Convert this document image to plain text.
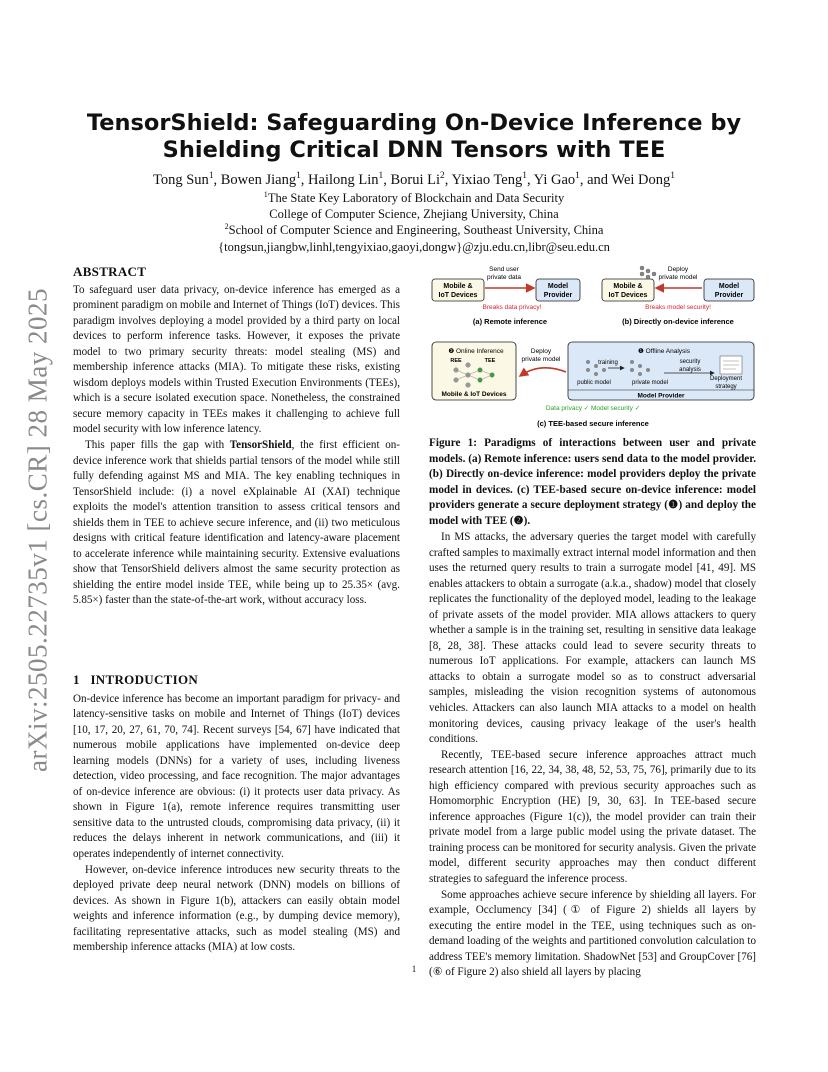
arXiv:2505.22735v1 [cs.CR] 28 May 2025
TensorShield: Safeguarding On-Device Inference by Shielding Critical DNN Tensors with TEE
Tong Sun$^1$, Bowen Jiang$^1$, Hailong Lin$^1$, Borui Li$^2$, Yixiao Teng$^1$, Yi Gao$^1$, and Wei Dong$^1$
$^1$The State Key Laboratory of Blockchain and Data Security
College of Computer Science, Zhejiang University, China
$^2$School of Computer Science and Engineering, Southeast University, China
{tongsun,jiangbw,linhl,tengyixiao,gaoyi,dongw}@zju.edu.cn,libr@seu.edu.cn
ABSTRACT

To safeguard user data privacy, on-device inference has emerged as a prominent paradigm on mobile and Internet of Things (IoT) devices. This paradigm involves deploying a model provided by a third party on local devices to perform inference tasks. However, it exposes the private model to two primary security threats: model stealing (MS) and membership inference attacks (MIA). To mitigate these risks, existing wisdom deploys models within Trusted Execution Environments (TEEs), which is a secure isolated execution space. Nonetheless, the constrained secure memory capacity in TEEs makes it challenging to achieve full model security with low inference latency.

This paper fills the gap with TensorShield, the first efficient on-device inference work that shields partial tensors of the model while still fully defending against MS and MIA. The key enabling techniques in TensorShield include: (i) a novel eXplainable AI (XAI) technique exploits the model's attention transition to assess critical tensors and shields them in TEE to achieve secure inference, and (ii) two meticulous designs with critical feature identification and latency-aware placement to accelerate inference while maintaining security. Extensive evaluations show that TensorShield delivers almost the same security protection as shielding the entire model inside TEE, while being up to 25.35× (avg. 5.85×) faster than the state-of-the-art work, without accuracy loss.

1   INTRODUCTION

On-device inference has become an important paradigm for privacy- and latency-sensitive tasks on mobile and Internet of Things (IoT) devices [10, 17, 20, 27, 61, 70, 74]. Recent surveys [54, 67] have indicated that numerous mobile applications have implemented on-device deep learning models (DNNs) for a variety of uses, including liveness detection, video processing, and face recognition. The major advantages of on-device inference are obvious: (i) it protects user data privacy. As shown in Figure 1(a), remote inference requires transmitting user sensitive data to the untrusted clouds, compromising data privacy, (ii) it reduces the delays inherent in network communications, and (iii) it operates independently of internet connectivity.

However, on-device inference introduces new security threats to the deployed private deep neural network (DNN) models on billions of devices. As shown in Figure 1(b), attackers can easily obtain model weights and inference information (e.g., by dumping device memory), facilitating representative attacks, such as model stealing (MS) and membership inference attacks (MIA) at low costs.

Mobile &
IoT Devices
Model
Provider
Send user
private data
Breaks data privacy!
(a) Remote inference
Mobile &
IoT Devices
Model
Provider
Deploy
private model
Breaks model security!
(b) Directly on-device inference
❷ Online Inference
REE	TEE
Mobile & IoT Devices
Deploy
private model
❶ Offline Analysis
training	security
analysis
public model	private model
Deployment
strategy
Model Provider
Data privacy ✓ Model security ✓
(c) TEE-based secure inference
Figure 1: Paradigms of interactions between user and private models. (a) Remote inference: users send data to the model provider. (b) Directly on-device inference: model providers deploy the private model in devices. (c) TEE-based secure on-device inference: model providers generate a secure deployment strategy (❶) and deploy the model with TEE (❷).

In MS attacks, the adversary queries the target model with carefully crafted samples to maximally extract internal model information and then uses the returned query results to train a surrogate model [41, 49]. MS enables attackers to obtain a surrogate (a.k.a., shadow) model that closely replicates the functionality of the deployed model, leading to the leakage of private assets of the model provider. MIA allows attackers to query whether a sample is in the training set, resulting in sensitive data leakage [8, 28, 38]. These attacks could lead to severe security threats to numerous IoT applications. For example, attackers can launch MS attacks to obtain a surrogate model so as to construct adversarial samples, misleading the vision recognition systems of autonomous vehicles. Attackers can also launch MIA attacks to a model on health monitoring devices, causing privacy leakage of the user's health conditions.

Recently, TEE-based secure inference approaches attract much research attention [16, 22, 34, 38, 48, 52, 53, 75, 76], primarily due to its high efficiency compared with previous security approaches such as Homomorphic Encryption (HE) [9, 30, 63]. In TEE-based secure inference approaches (Figure 1(c)), the model provider can train their private model from a large public model using the private dataset. The training process can be monitored for security analysis. Given the private model, different security approaches may then conduct different strategies to safeguard the inference process.

Some approaches achieve secure inference by shielding all layers. For example, Occlumency [34] (① of Figure 2) shields all layers by executing the entire model in the TEE, using techniques such as on-demand loading of the weights and partitioned convolution calculation to address TEE's memory limitation. ShadowNet [53] and GroupCover [76] (⑥ of Figure 2) also shield all layers by placing

1
